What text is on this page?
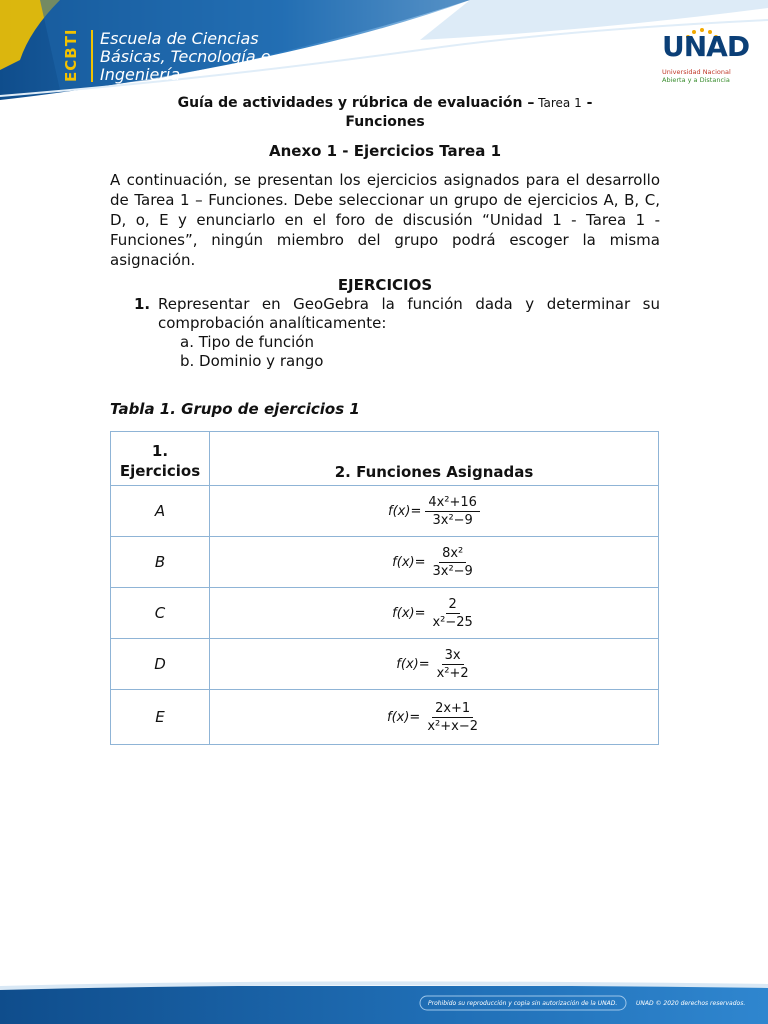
ECBTI	Escuela de Ciencias
Básicas, Tecnología e
Ingeniería
UNAD
Universidad Nacional
Abierta y a Distancia
Guía de actividades y rúbrica de evaluación – Tarea 1 -
Funciones
Anexo 1 - Ejercicios Tarea 1
A continuación, se presentan los ejercicios asignados para el desarrollo de Tarea 1 – Funciones. Debe seleccionar un grupo de ejercicios A, B, C, D, o, E y enunciarlo en el foro de discusión “Unidad 1 - Tarea 1 - Funciones”, ningún miembro del grupo podrá escoger la misma asignación.
EJERCICIOS
1. Representar en GeoGebra la función dada y determinar su comprobación analíticamente:
a. Tipo de función
b. Dominio y rango
Tabla 1. Grupo de ejercicios 1
1.
Ejercicios	2. Funciones Asignadas
A	$f(x)= \frac{\text{4x²+16}}{\text{3x²−9}}$

B	$f(x)= \frac{\text{8x²}}{\text{3x²−9}}$

C	$f(x)= \frac{2}{\text{x²−25}}$

D	$f(x)= \frac{3x}{\text{x²+2}}$

E	$f(x)= \frac{2x+1}{\text{x²+x−2}}$
Prohibido su reproducción y copia sin autorización de la UNAD.	UNAD © 2020 derechos reservados.
